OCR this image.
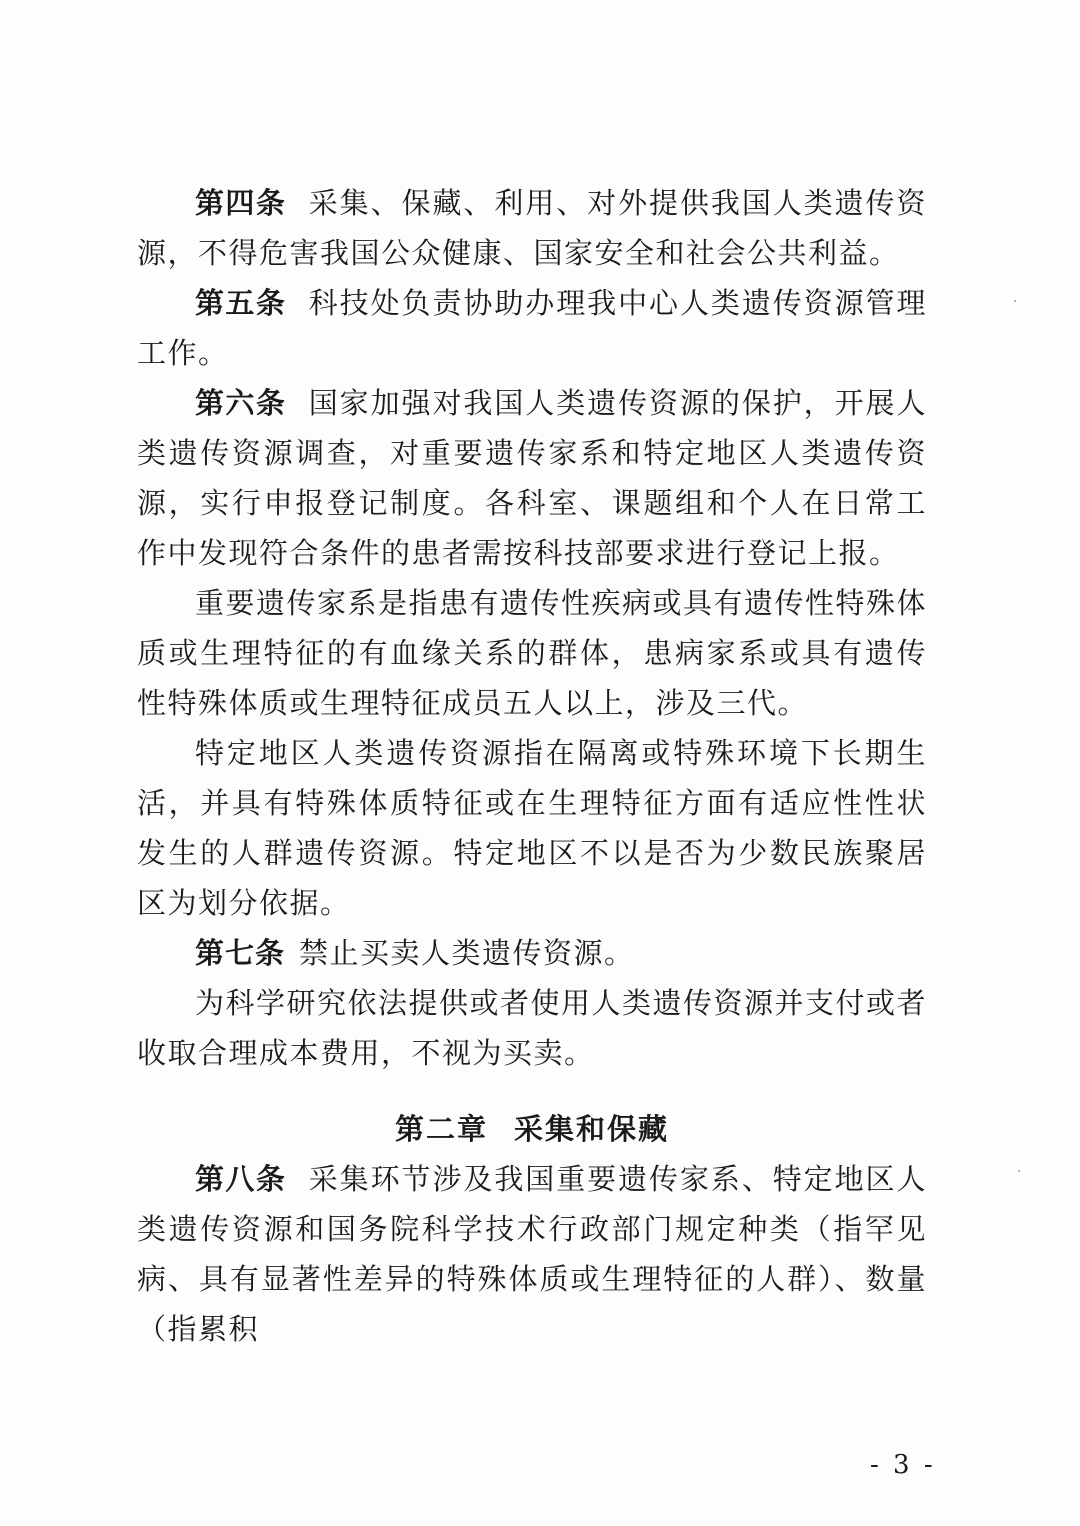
第四条 采集、保藏、利用、对外提供我国人类遗传资源，不得危害我国公众健康、国家安全和社会公共利益。

第五条 科技处负责协助办理我中心人类遗传资源管理工作。

第六条 国家加强对我国人类遗传资源的保护，开展人类遗传资源调查，对重要遗传家系和特定地区人类遗传资源，实行申报登记制度。各科室、课题组和个人在日常工作中发现符合条件的患者需按科技部要求进行登记上报。

重要遗传家系是指患有遗传性疾病或具有遗传性特殊体质或生理特征的有血缘关系的群体，患病家系或具有遗传性特殊体质或生理特征成员五人以上，涉及三代。

特定地区人类遗传资源指在隔离或特殊环境下长期生活，并具有特殊体质特征或在生理特征方面有适应性性状发生的人群遗传资源。特定地区不以是否为少数民族聚居区为划分依据。

第七条 禁止买卖人类遗传资源。

为科学研究依法提供或者使用人类遗传资源并支付或者收取合理成本费用，不视为买卖。

第二章 采集和保藏

第八条 采集环节涉及我国重要遗传家系、特定地区人类遗传资源和国务院科学技术行政部门规定种类（指罕见病、具有显著性差异的特殊体质或生理特征的人群）、数量（指累积

- 3 -
